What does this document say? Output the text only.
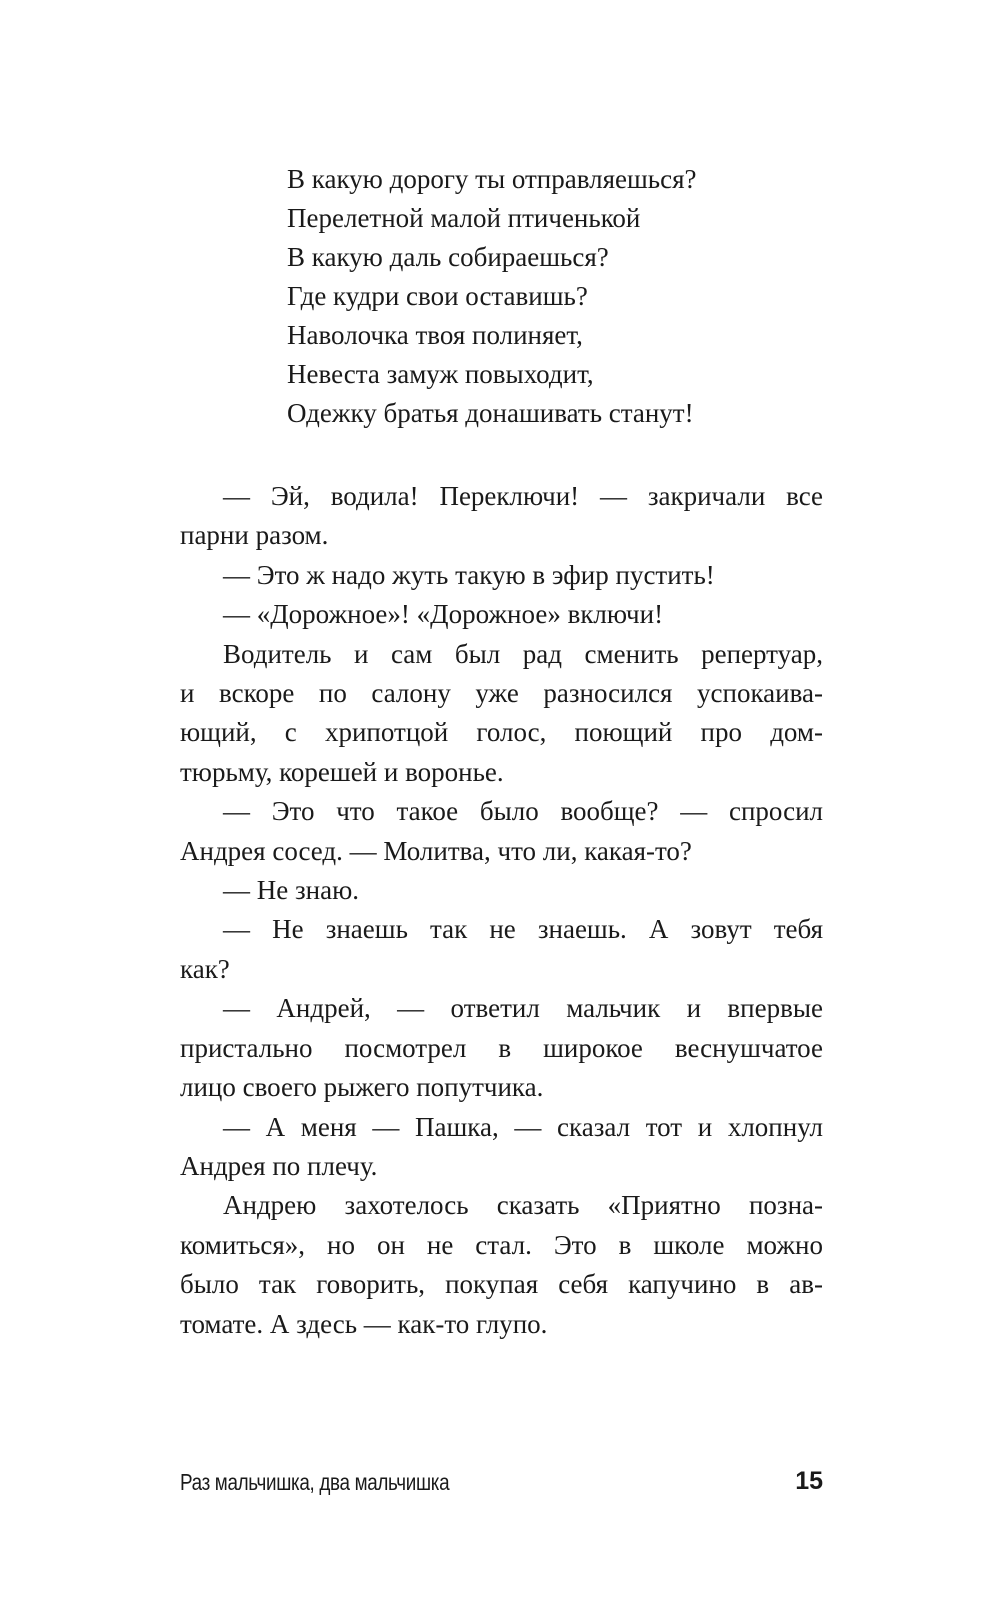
В какую дорогу ты отправляешься?
Перелетной малой птиченькой
В какую даль собираешься?
Где кудри свои оставишь?
Наволочка твоя полиняет,
Невеста замуж повыходит,
Одежку братья донашивать станут!
— Эй, водила! Переключи! — закричали все
парни разом.
— Это ж надо жуть такую в эфир пустить!
— «Дорожное»! «Дорожное» включи!
Водитель и сам был рад сменить репертуар,
и вскоре по салону уже разносился успокаива-
ющий, с хрипотцой голос, поющий про дом-
тюрьму, корешей и воронье.
— Это что такое было вообще? — спросил
Андрея сосед. — Молитва, что ли, какая-то?
— Не знаю.
— Не знаешь так не знаешь. А зовут тебя
как?
— Андрей, — ответил мальчик и впервые
пристально посмотрел в широкое веснушчатое
лицо своего рыжего попутчика.
— А меня — Пашка, — сказал тот и хлопнул
Андрея по плечу.
Андрею захотелось сказать «Приятно позна-
комиться», но он не стал. Это в школе можно
было так говорить, покупая себя капучино в ав-
томате. А здесь — как-то глупо.
Раз мальчишка, два мальчишка	15
